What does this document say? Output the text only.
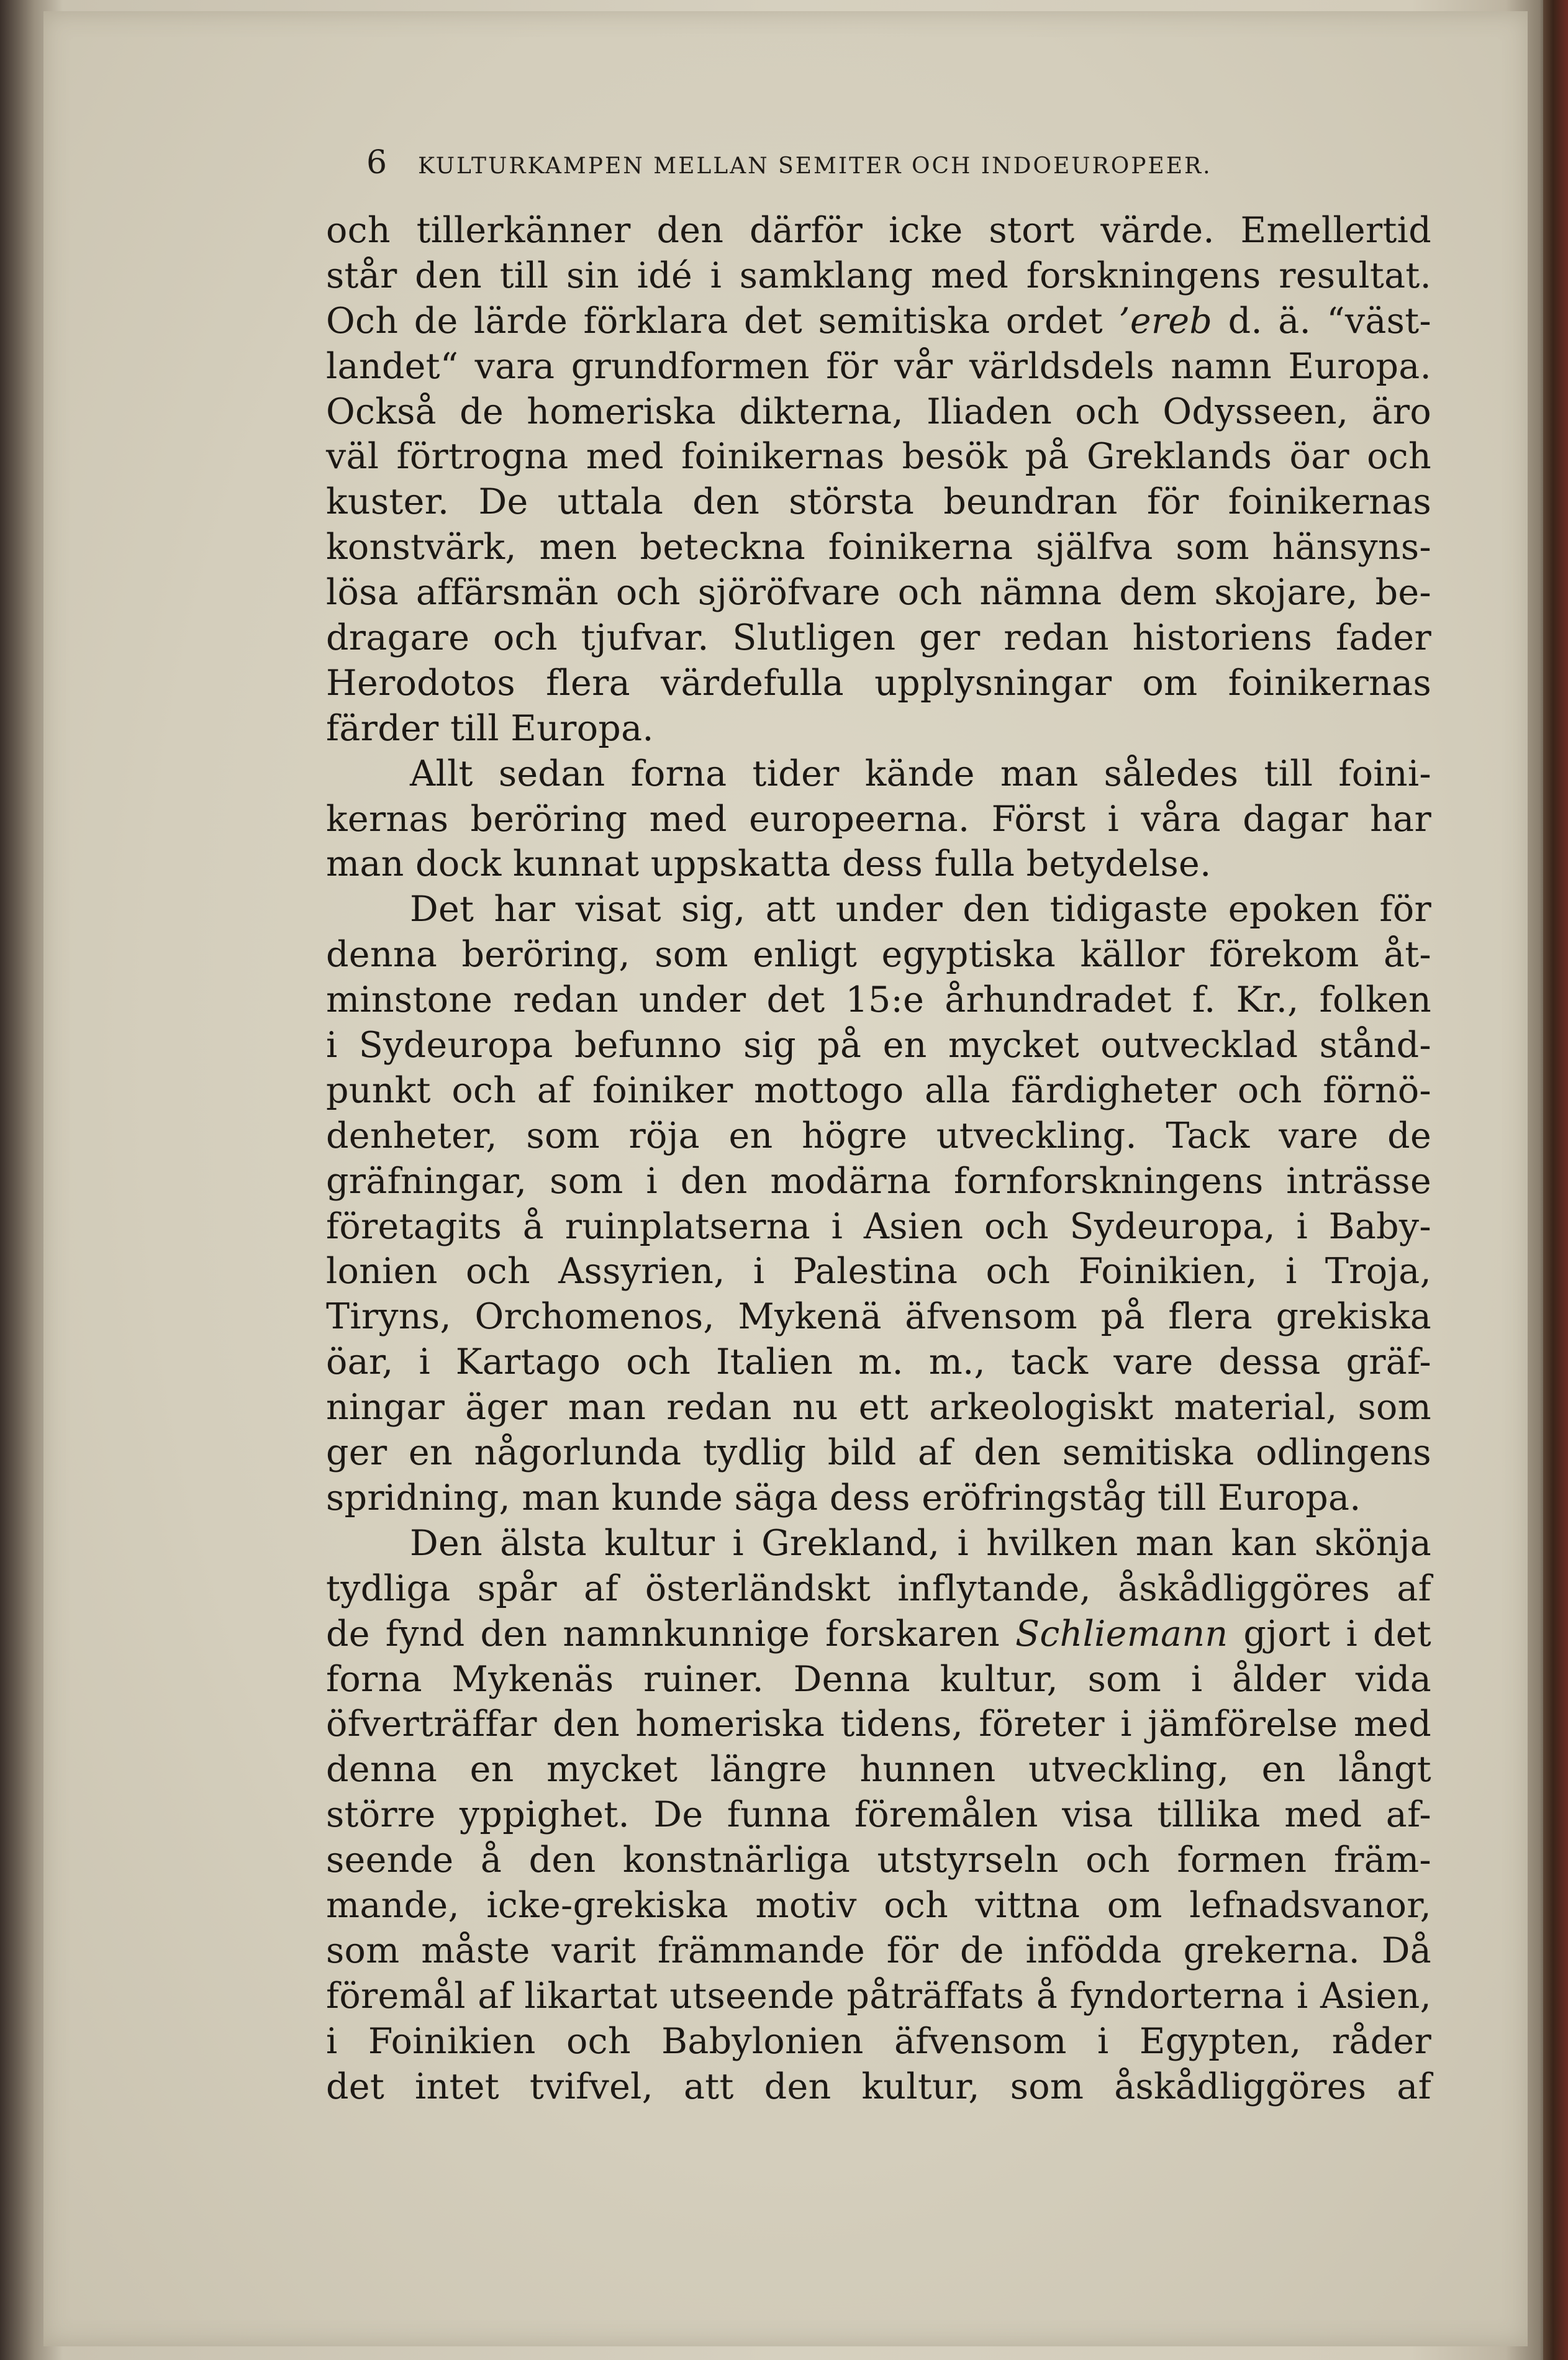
6 KULTURKAMPEN MELLAN SEMITER OCH INDOEUROPEER.
och tillerkänner den därför icke stort värde. Emellertid
står den till sin idé i samklang med forskningens resultat.
Och de lärde förklara det semitiska ordet ’ereb d. ä. “väst-
landet“ vara grundformen för vår världsdels namn Europa.
Också de homeriska dikterna, Iliaden och Odysseen, äro
väl förtrogna med foinikernas besök på Greklands öar och
kuster. De uttala den största beundran för foinikernas
konstvärk, men beteckna foinikerna själfva som hänsyns-
lösa affärsmän och sjöröfvare och nämna dem skojare, be-
dragare och tjufvar. Slutligen ger redan historiens fader
Herodotos flera värdefulla upplysningar om foinikernas
färder till Europa.
Allt sedan forna tider kände man således till foini-
kernas beröring med europeerna. Först i våra dagar har
man dock kunnat uppskatta dess fulla betydelse.
Det har visat sig, att under den tidigaste epoken för
denna beröring, som enligt egyptiska källor förekom åt-
minstone redan under det 15:e århundradet f. Kr., folken
i Sydeuropa befunno sig på en mycket outvecklad stånd-
punkt och af foiniker mottogo alla färdigheter och förnö-
denheter, som röja en högre utveckling. Tack vare de
gräfningar, som i den modärna fornforskningens inträsse
företagits å ruinplatserna i Asien och Sydeuropa, i Baby-
lonien och Assyrien, i Palestina och Foinikien, i Troja,
Tiryns, Orchomenos, Mykenä äfvensom på flera grekiska
öar, i Kartago och Italien m. m., tack vare dessa gräf-
ningar äger man redan nu ett arkeologiskt material, som
ger en någorlunda tydlig bild af den semitiska odlingens
spridning, man kunde säga dess eröfringståg till Europa.
Den älsta kultur i Grekland, i hvilken man kan skönja
tydliga spår af österländskt inflytande, åskådliggöres af
de fynd den namnkunnige forskaren Schliemann gjort i det
forna Mykenäs ruiner. Denna kultur, som i ålder vida
öfverträffar den homeriska tidens, företer i jämförelse med
denna en mycket längre hunnen utveckling, en långt
större yppighet. De funna föremålen visa tillika med af-
seende å den konstnärliga utstyrseln och formen främ-
mande, icke-grekiska motiv och vittna om lefnadsvanor,
som måste varit främmande för de infödda grekerna. Då
föremål af likartat utseende påträffats å fyndorterna i Asien,
i Foinikien och Babylonien äfvensom i Egypten, råder
det intet tvifvel, att den kultur, som åskådliggöres af
